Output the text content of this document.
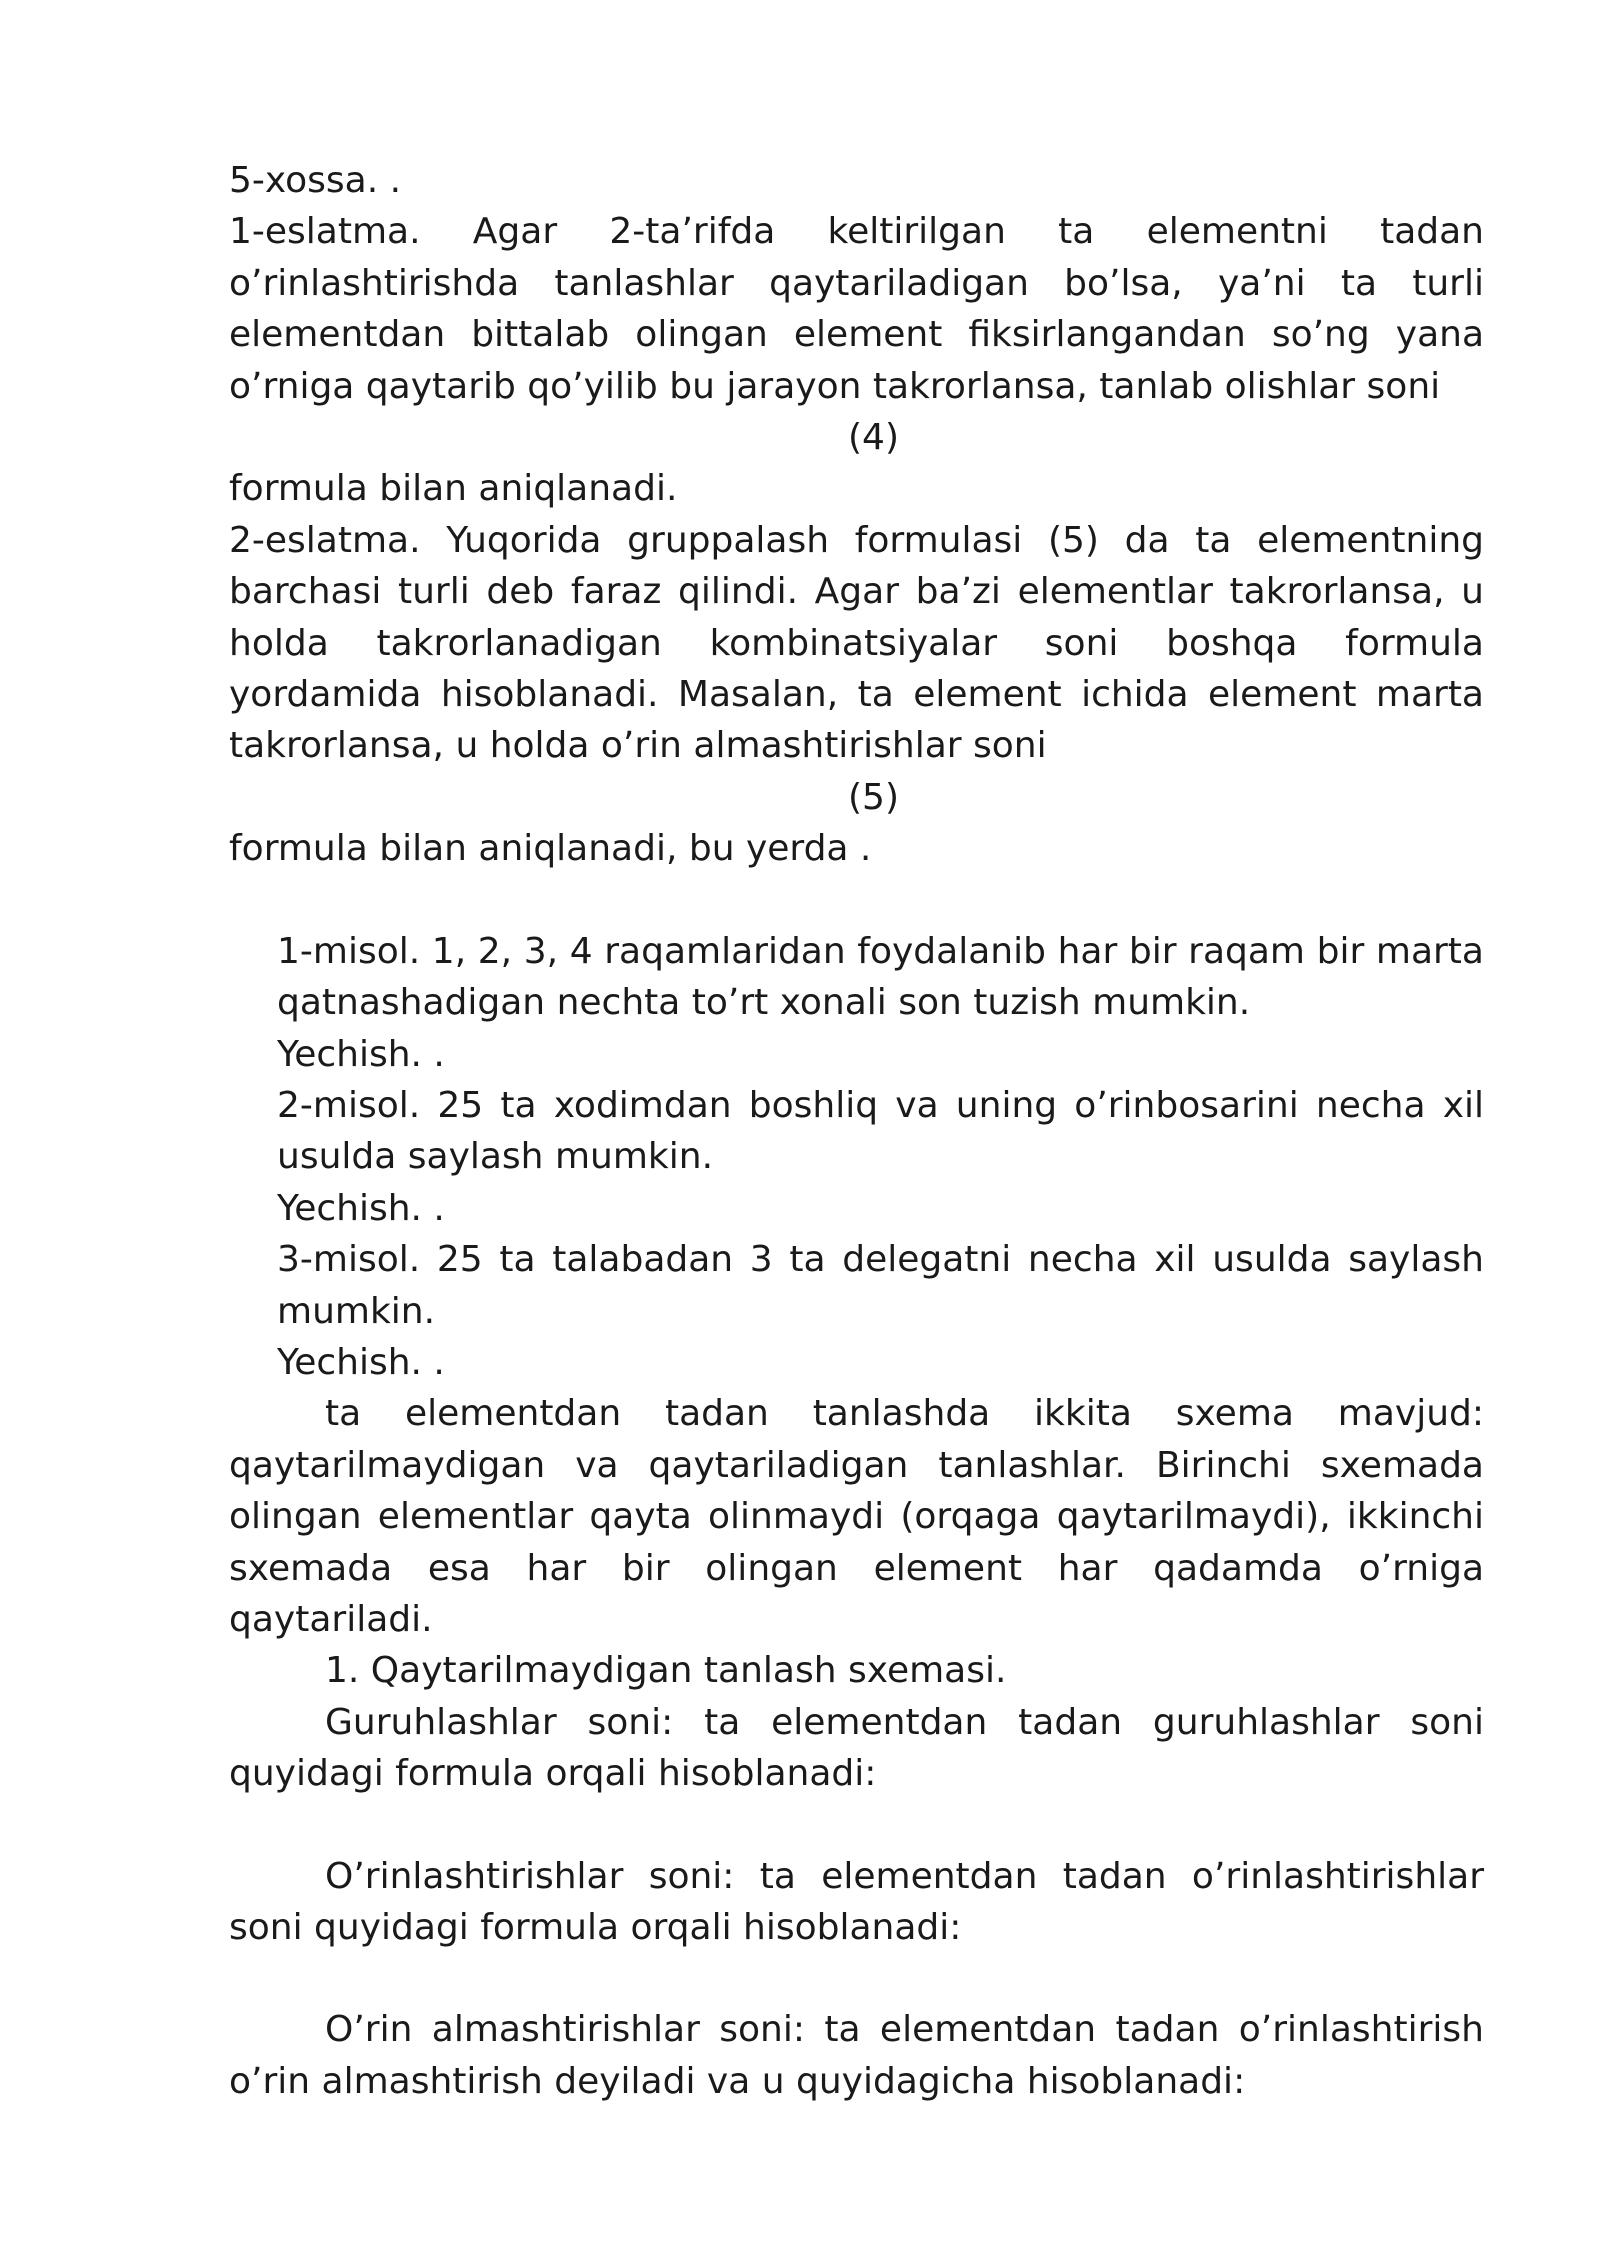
5-xossa. .

1-eslatma. Agar 2-ta’rifda keltirilgan ta elementni tadan o’rinlashtirishda tanlashlar qaytariladigan bo’lsa, ya’ni ta turli elementdan bittalab olingan element fiksirlangandan so’ng yana o’rniga qaytarib qo’yilib bu jarayon takrorlansa, tanlab olishlar soni

(4)

formula bilan aniqlanadi.

2-eslatma. Yuqorida gruppalash formulasi (5) da ta elementning barchasi turli deb faraz qilindi. Agar ba’zi elementlar takrorlansa, u holda takrorlanadigan kombinatsiyalar soni boshqa formula yordamida hisoblanadi. Masalan, ta element ichida element marta takrorlansa, u holda o’rin almashtirishlar soni

(5)

formula bilan aniqlanadi, bu yerda .

1-misol. 1, 2, 3, 4 raqamlaridan foydalanib har bir raqam bir marta qatnashadigan nechta to’rt xonali son tuzish mumkin.

Yechish. .

2-misol. 25 ta xodimdan boshliq va uning o’rinbosarini necha xil usulda saylash mumkin.

Yechish. .

3-misol. 25 ta talabadan 3 ta delegatni necha xil usulda saylash mumkin.

Yechish. .

ta elementdan tadan tanlashda ikkita sxema mavjud: qaytarilmaydigan va qaytariladigan tanlashlar. Birinchi sxemada olingan elementlar qayta olinmaydi (orqaga qaytarilmaydi), ikkinchi sxemada esa har bir olingan element har qadamda o’rniga qaytariladi.

1. Qaytarilmaydigan tanlash sxemasi.

Guruhlashlar soni: ta elementdan tadan guruhlashlar soni quyidagi formula orqali hisoblanadi:

O’rinlashtirishlar soni: ta elementdan tadan o’rinlashtirishlar soni quyidagi formula orqali hisoblanadi:

O’rin almashtirishlar soni: ta elementdan tadan o’rinlashtirish o’rin almashtirish deyiladi va u quyidagicha hisoblanadi:
